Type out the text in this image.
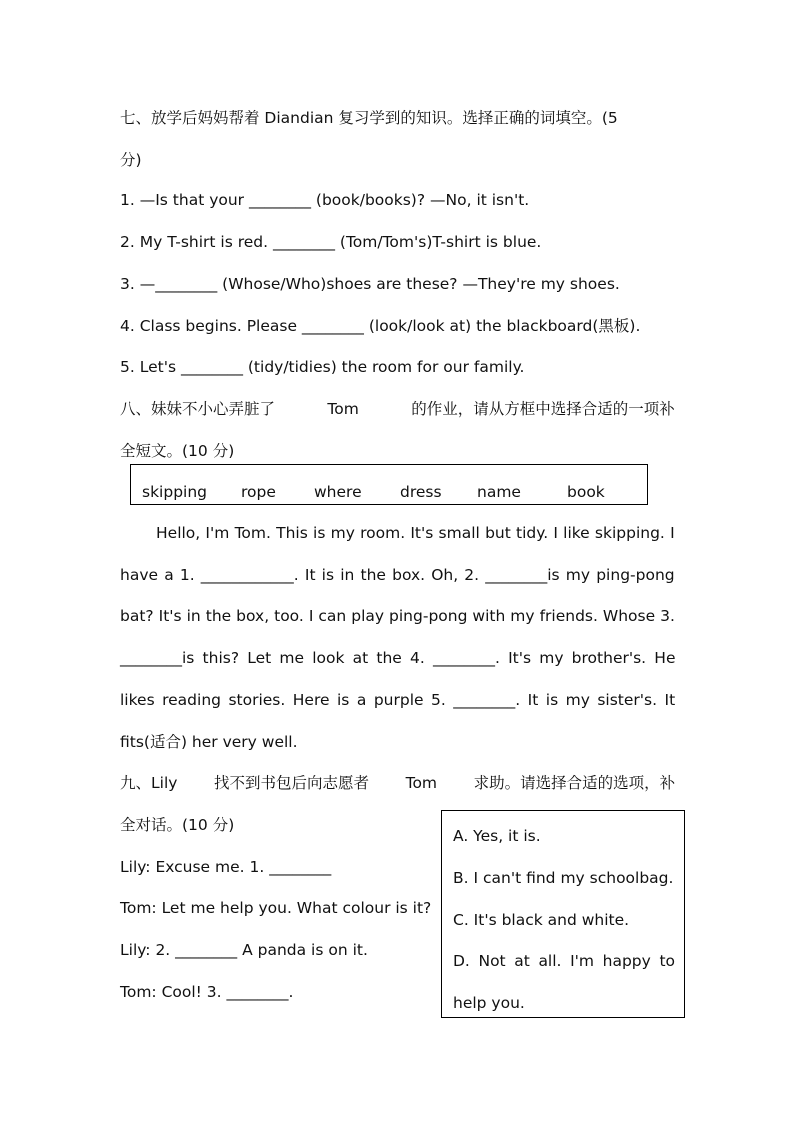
七、放学后妈妈帮着 Diandian 复习学到的知识。选择正确的词填空。(5
分)
1. —Is that your ________ (book/books)? —No, it isn't.
2. My T-shirt is red. ________ (Tom/Tom's)T-shirt is blue.
3. —________ (Whose/Who)shoes are these? —They're my shoes.
4. Class begins. Please ________ (look/look at) the blackboard(黑板).
5. Let's ________ (tidy/tidies) the room for our family.
八、妹妹不小心弄脏了 Tom 的作业，请从方框中选择合适的一项补
全短文。(10 分)
skipping rope where dress name	book
Hello, I'm Tom. This is my room. It's small but tidy. I like skipping. I
have a 1. ____________. It is in the box. Oh, 2. ________is my ping-pong
bat? It's in the box, too. I can play ping-pong with my friends. Whose 3.
________is this? Let me look at the 4. ________. It's my brother's. He
likes reading stories. Here is a purple 5. ________. It is my sister's. It
fits(适合) her very well.
九、Lily 找不到书包后向志愿者 Tom 求助。请选择合适的选项，补
全对话。(10 分)
Lily: Excuse me. 1. ________
Tom: Let me help you. What colour is it?
Lily: 2. ________ A panda is on it.
Tom: Cool! 3. ________.
A. Yes, it is.
B. I can't find my schoolbag.
C. It's black and white.
D. Not at all. I'm happy to
help you.
